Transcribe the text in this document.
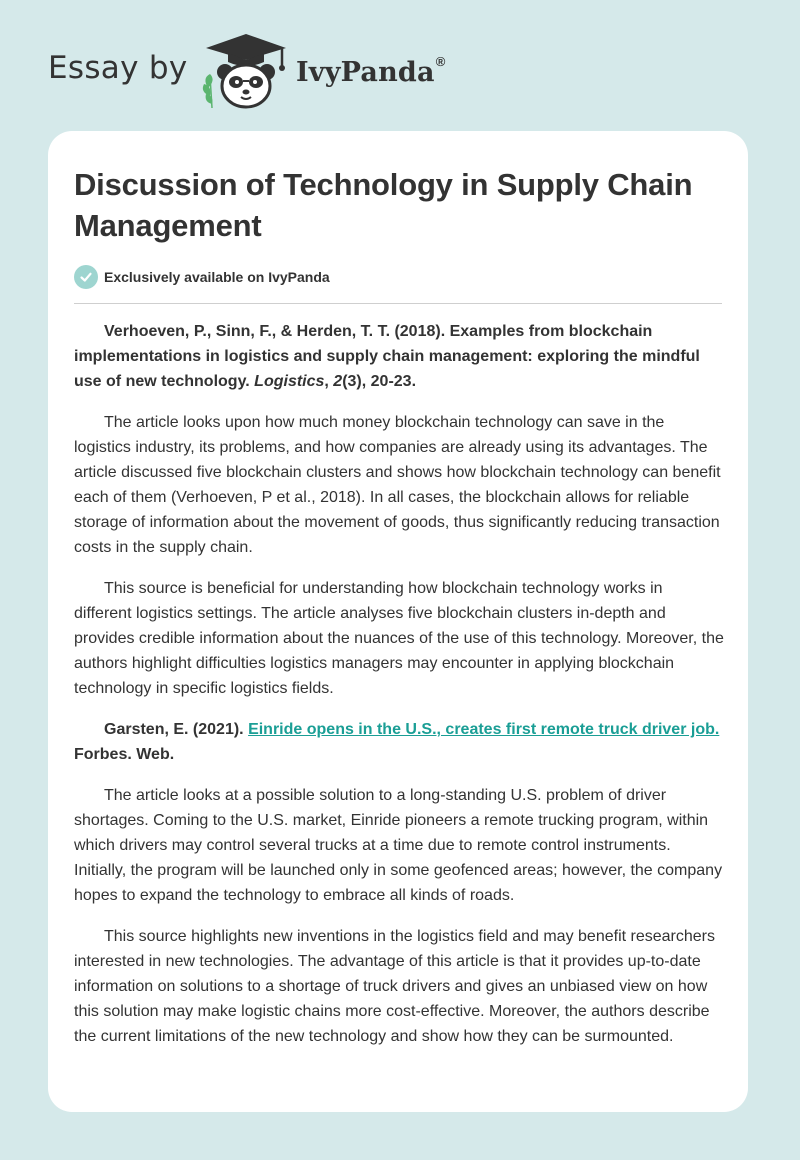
Essay by	IvyPanda®
Discussion of Technology in Supply Chain Management
Exclusively available on IvyPanda

Verhoeven, P., Sinn, F., & Herden, T. T. (2018). Examples from blockchain implementations in logistics and supply chain management: exploring the mindful use of new technology. Logistics, 2(3), 20-23.

The article looks upon how much money blockchain technology can save in the logistics industry, its problems, and how companies are already using its advantages. The article discussed five blockchain clusters and shows how blockchain technology can benefit each of them (Verhoeven, P et al., 2018). In all cases, the blockchain allows for reliable storage of information about the movement of goods, thus significantly reducing transaction costs in the supply chain.

This source is beneficial for understanding how blockchain technology works in different logistics settings. The article analyses five blockchain clusters in-depth and provides credible information about the nuances of the use of this technology. Moreover, the authors highlight difficulties logistics managers may encounter in applying blockchain technology in specific logistics fields.

Garsten, E. (2021). Einride opens in the U.S., creates first remote truck driver job. Forbes. Web.

The article looks at a possible solution to a long-standing U.S. problem of driver shortages. Coming to the U.S. market, Einride pioneers a remote trucking program, within which drivers may control several trucks at a time due to remote control instruments. Initially, the program will be launched only in some geofenced areas; however, the company hopes to expand the technology to embrace all kinds of roads.

This source highlights new inventions in the logistics field and may benefit researchers interested in new technologies. The advantage of this article is that it provides up-to-date information on solutions to a shortage of truck drivers and gives an unbiased view on how this solution may make logistic chains more cost-effective. Moreover, the authors describe the current limitations of the new technology and show how they can be surmounted.
